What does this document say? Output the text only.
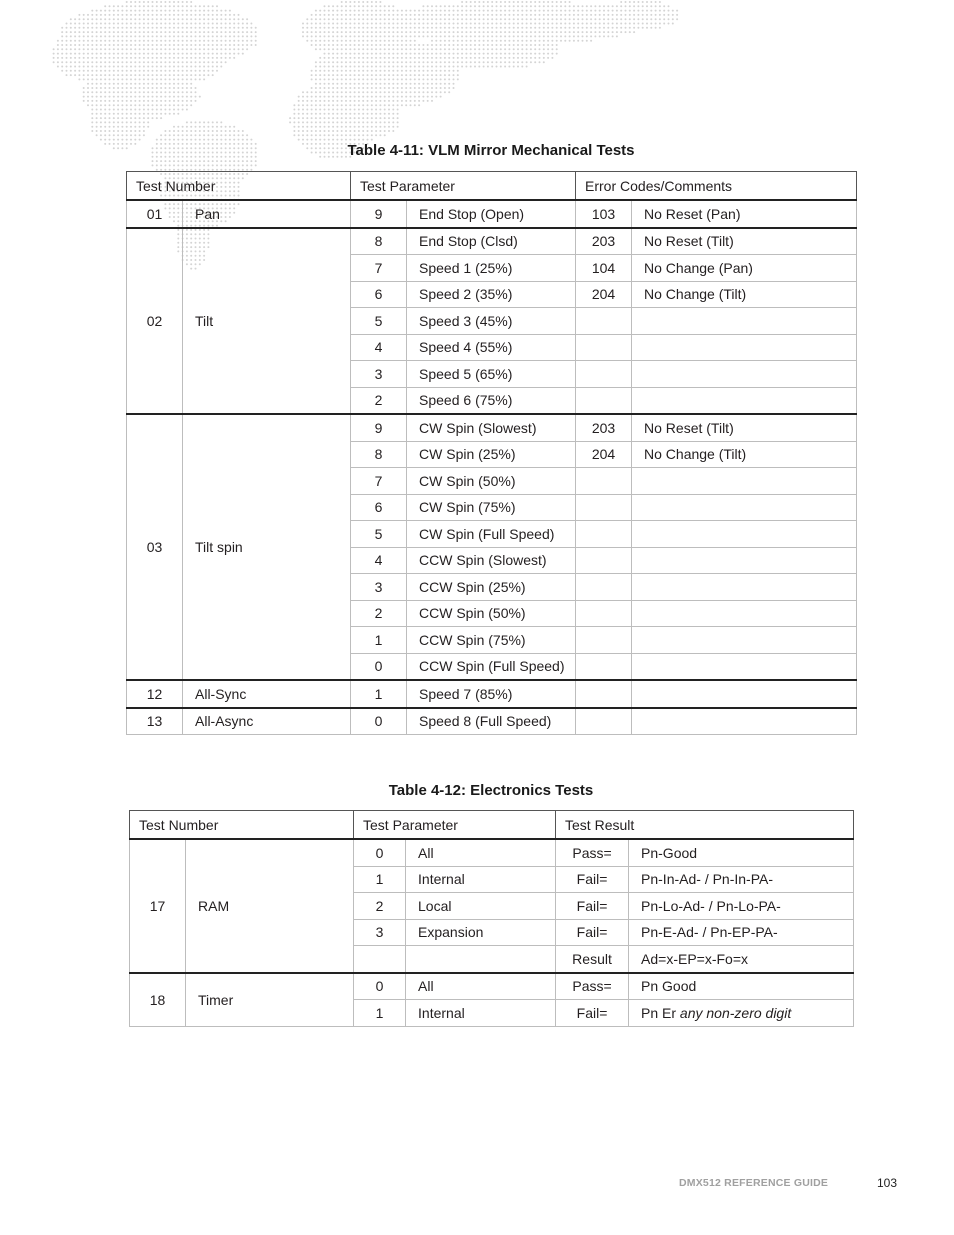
Table 4-11: VLM Mirror Mechanical Tests
Test Number		Test Parameter		Error Codes/Comments	
01	Pan	9	End Stop (Open)	103	No Reset (Pan)
02	Tilt	8	End Stop (Clsd)	203	No Reset (Tilt)
		7	Speed 1 (25%)	104	No Change (Pan)
		6	Speed 2 (35%)	204	No Change (Tilt)
		5	Speed 3 (45%)		
		4	Speed 4 (55%)		
		3	Speed 5 (65%)		
		2	Speed 6 (75%)		
03	Tilt spin	9	CW Spin (Slowest)	203	No Reset (Tilt)
		8	CW Spin (25%)	204	No Change (Tilt)
		7	CW Spin (50%)		
		6	CW Spin (75%)		
		5	CW Spin (Full Speed)		
		4	CCW Spin (Slowest)		
		3	CCW Spin (25%)		
		2	CCW Spin (50%)		
		1	CCW Spin (75%)		
		0	CCW Spin (Full Speed)		
12	All-Sync	1	Speed 7 (85%)		
13	All-Async	0	Speed 8 (Full Speed)		
Table 4-12: Electronics Tests
Test Number		Test Parameter		Test Result	
17	RAM	0	All	Pass=	Pn-Good
		1	Internal	Fail=	Pn-In-Ad- / Pn-In-PA-
		2	Local	Fail=	Pn-Lo-Ad- / Pn-Lo-PA-
		3	Expansion	Fail=	Pn-E-Ad- / Pn-EP-PA-
				Result	Ad=x-EP=x-Fo=x
18	Timer	0	All	Pass=	Pn Good
		1	Internal	Fail=	Pn Er any non-zero digit
DMX512 REFERENCE GUIDE	103
